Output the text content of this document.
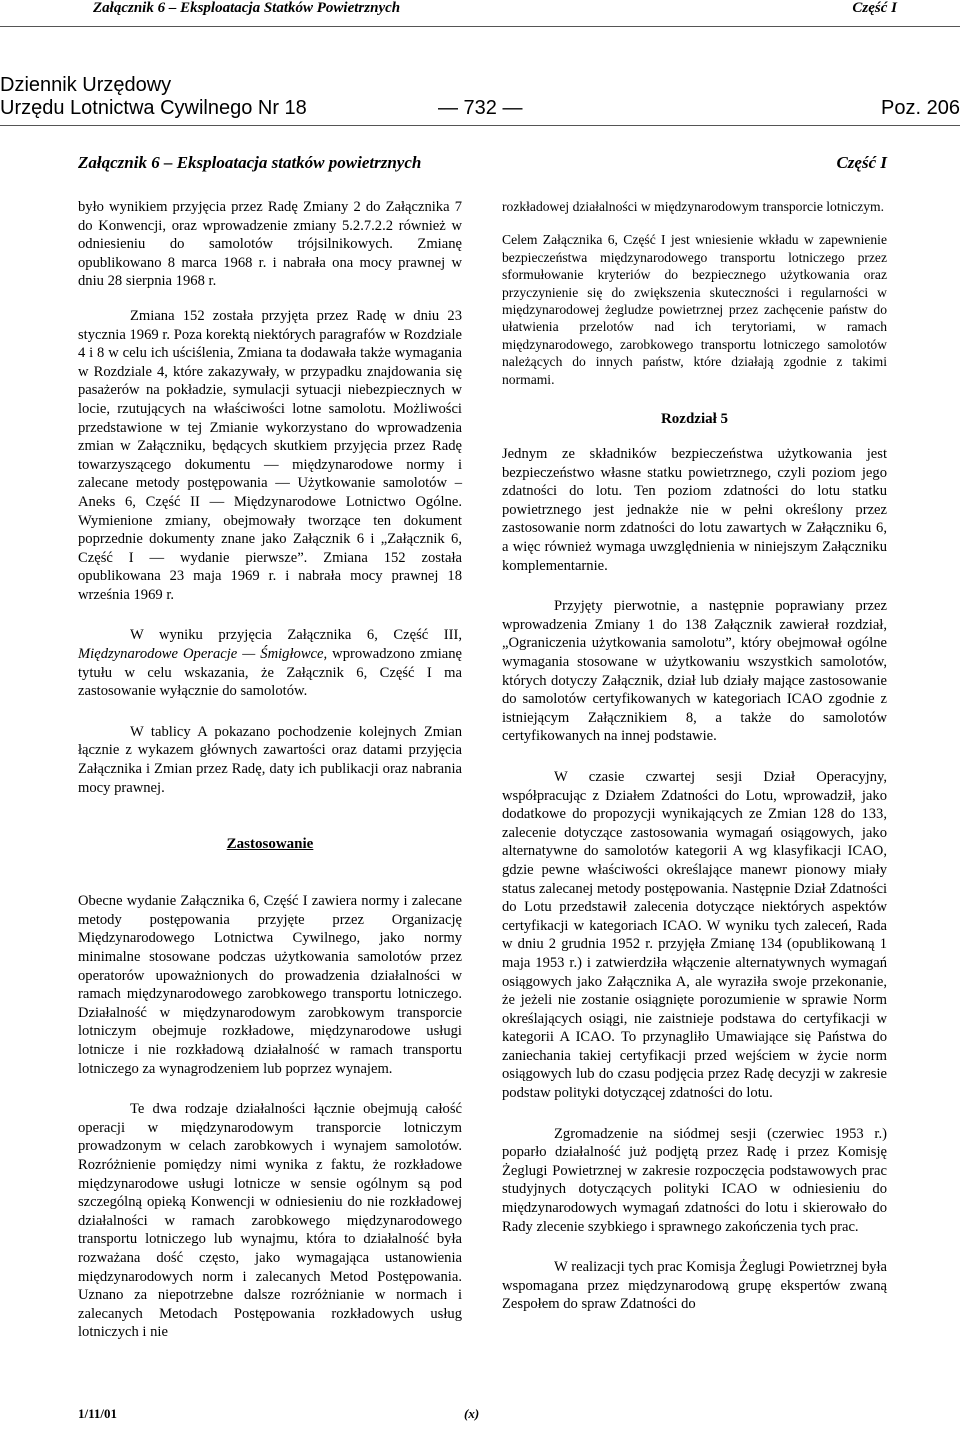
Załącznik 6 – Eksploatacja Statków Powietrznych	Część I
Dziennik Urzędowy
Urzędu Lotnictwa Cywilnego Nr 18	— 732 —	Poz. 206
Załącznik 6 – Eksploatacja statków powietrznych	Część I

było wynikiem przyjęcia przez Radę Zmiany 2 do Załącznika 7 do Konwencji, oraz wprowadzenie zmiany 5.2.7.2.2 również w odniesieniu do samolotów trójsilnikowych. Zmianę opublikowano 8 marca 1968 r. i nabrała ona mocy prawnej w dniu 28 sierpnia 1968 r.

Zmiana 152 została przyjęta przez Radę w dniu 23 stycznia 1969 r. Poza korektą niektórych paragrafów w Rozdziale 4 i 8 w celu ich uściślenia, Zmiana ta dodawała także wymagania w Rozdziale 4, które zakazywały, w przypadku znajdowania się pasażerów na pokładzie, symulacji sytuacji niebezpiecznych w locie, rzutujących na właściwości lotne samolotu. Możliwości przedstawione w tej Zmianie wykorzystano do wprowadzenia zmian w Załączniku, będących skutkiem przyjęcia przez Radę towarzyszącego dokumentu — międzynarodowe normy i zalecane metody postępowania — Użytkowanie samolotów – Aneks 6, Część II — Międzynarodowe Lotnictwo Ogólne. Wymienione zmiany, obejmowały tworzące ten dokument poprzednie dokumenty znane jako Załącznik 6 i „Załącznik 6, Część I — wydanie pierwsze”. Zmiana 152 została opublikowana 23 maja 1969 r. i nabrała mocy prawnej 18 września 1969 r.

W wyniku przyjęcia Załącznika 6, Część III, Międzynarodowe Operacje — Śmigłowce, wprowadzono zmianę tytułu w celu wskazania, że Załącznik 6, Część I ma zastosowanie wyłącznie do samolotów.

W tablicy A pokazano pochodzenie kolejnych Zmian łącznie z wykazem głównych zawartości oraz datami przyjęcia Załącznika i Zmian przez Radę, daty ich publikacji oraz nabrania mocy prawnej.

Zastosowanie

Obecne wydanie Załącznika 6, Część I zawiera normy i zalecane metody postępowania przyjęte przez Organizację Międzynarodowego Lotnictwa Cywilnego, jako normy minimalne stosowane podczas użytkowania samolotów przez operatorów upoważnionych do prowadzenia działalności w ramach międzynarodowego zarobkowego transportu lotniczego. Działalność w międzynarodowym zarobkowym transporcie lotniczym obejmuje rozkładowe, międzynarodowe usługi lotnicze i nie rozkładową działalność w ramach transportu lotniczego za wynagrodzeniem lub poprzez wynajem.

Te dwa rodzaje działalności łącznie obejmują całość operacji w międzynarodowym transporcie lotniczym prowadzonym w celach zarobkowych i wynajem samolotów. Rozróżnienie pomiędzy nimi wynika z faktu, że rozkładowe międzynarodowe usługi lotnicze w sensie ogólnym są pod szczególną opieką Konwencji w odniesieniu do nie rozkładowej działalności w ramach zarobkowego międzynarodowego transportu lotniczego lub wynajmu, która to działalność była rozważana dość często, jako wymagająca ustanowienia międzynarodowych norm i zalecanych Metod Postępowania. Uznano za niepotrzebne dalsze rozróżnianie w normach i zalecanych Metodach Postępowania rozkładowych usług lotniczych i nie

rozkładowej działalności w międzynarodowym transporcie lotniczym.

Celem Załącznika 6, Część I jest wniesienie wkładu w zapewnienie bezpieczeństwa międzynarodowego transportu lotniczego przez sformułowanie kryteriów do bezpiecznego użytkowania oraz przyczynienie się do zwiększenia skuteczności i regularności w międzynarodowej żegludze powietrznej przez zachęcenie państw do ułatwienia przelotów nad ich terytoriami, w ramach międzynarodowego, zarobkowego transportu lotniczego samolotów należących do innych państw, które działają zgodnie z takimi normami.

Rozdział 5

Jednym ze składników bezpieczeństwa użytkowania jest bezpieczeństwo własne statku powietrznego, czyli poziom jego zdatności do lotu. Ten poziom zdatności do lotu statku powietrznego jest jednakże nie w pełni określony przez zastosowanie norm zdatności do lotu zawartych w Załączniku 6, a więc również wymaga uwzględnienia w niniejszym Załączniku komplementarnie.

Przyjęty pierwotnie, a następnie poprawiany przez wprowadzenia Zmiany 1 do 138 Załącznik zawierał rozdział, „Ograniczenia użytkowania samolotu”, który obejmował ogólne wymagania stosowane w użytkowaniu wszystkich samolotów, których dotyczy Załącznik, dział lub działy mające zastosowanie do samolotów certyfikowanych w kategoriach ICAO zgodnie z istniejącym Załącznikiem 8, a także do samolotów certyfikowanych na innej podstawie.

W czasie czwartej sesji Dział Operacyjny, współpracując z Działem Zdatności do Lotu, wprowadził, jako dodatkowe do propozycji wynikających ze Zmian 128 do 133, zalecenie dotyczące zastosowania wymagań osiągowych, jako alternatywne do samolotów kategorii A wg klasyfikacji ICAO, gdzie pewne właściwości określające manewr pionowy miały status zalecanej metody postępowania. Następnie Dział Zdatności do Lotu przedstawił zalecenia dotyczące niektórych aspektów certyfikacji w kategoriach ICAO. W wyniku tych zaleceń, Rada w dniu 2 grudnia 1952 r. przyjęła Zmianę 134 (opublikowaną 1 maja 1953 r.) i zatwierdziła włączenie alternatywnych wymagań osiągowych jako Załącznika A, ale wyraziła swoje przekonanie, że jeżeli nie zostanie osiągnięte porozumienie w sprawie Norm określających osiągi, nie zaistnieje podstawa do certyfikacji w kategorii A ICAO. To przynagliło Umawiające się Państwa do zaniechania takiej certyfikacji przed wejściem w życie norm osiągowych lub do czasu podjęcia przez Radę decyzji w zakresie podstaw polityki dotyczącej zdatności do lotu.

Zgromadzenie na siódmej sesji (czerwiec 1953 r.) poparło działalność już podjętą przez Radę i przez Komisję Żeglugi Powietrznej w zakresie rozpoczęcia podstawowych prac studyjnych dotyczących polityki ICAO w odniesieniu do międzynarodowych wymagań zdatności do lotu i skierowało do Rady zlecenie szybkiego i sprawnego zakończenia tych prac.

W realizacji tych prac Komisja Żeglugi Powietrznej była wspomagana przez międzynarodową grupę ekspertów zwaną Zespołem do spraw Zdatności do

1/11/01	(x)
